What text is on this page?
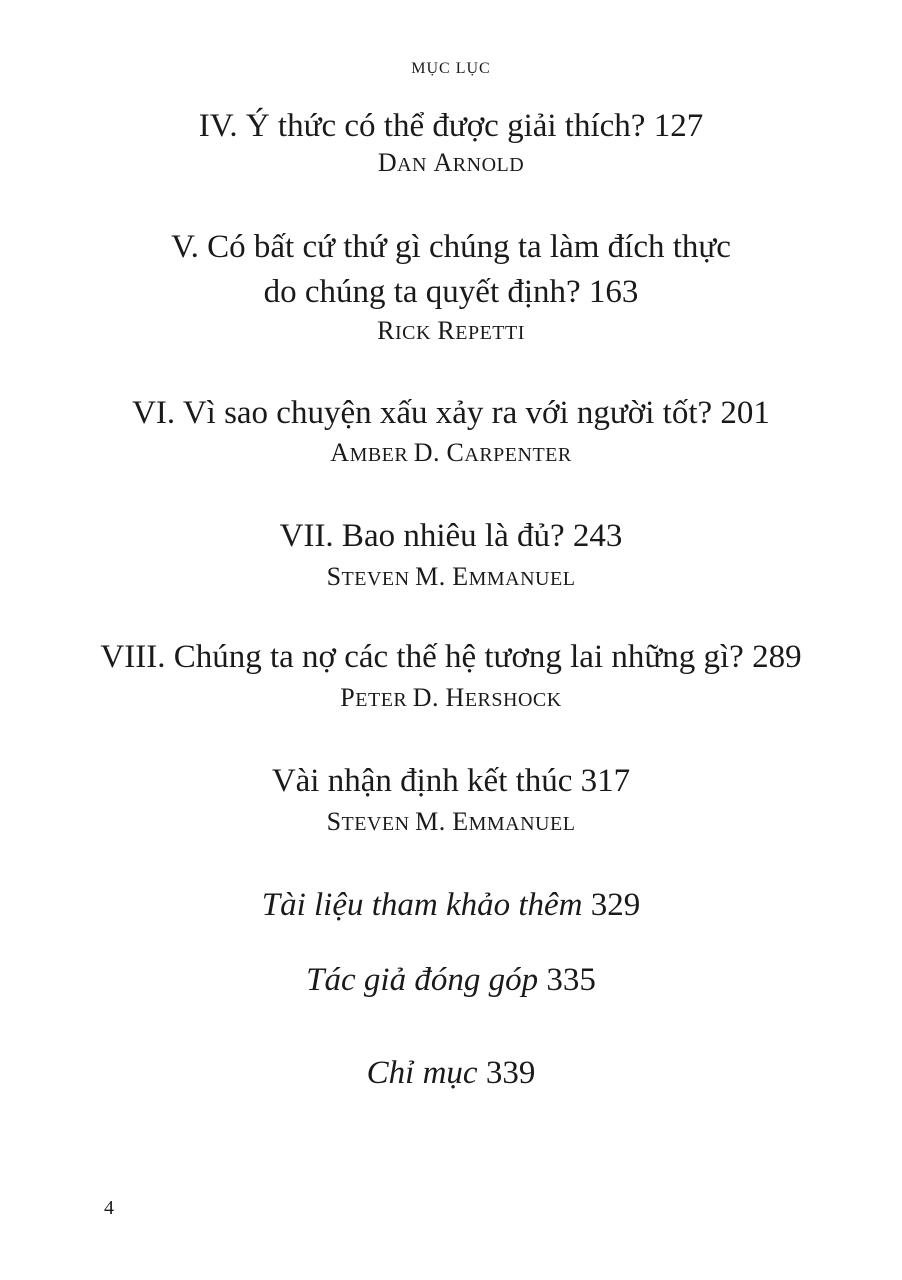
MỤC LỤC
IV. Ý thức có thể được giải thích? 127
DAN ARNOLD
V. Có bất cứ thứ gì chúng ta làm đích thực
do chúng ta quyết định? 163
RICK REPETTI
VI. Vì sao chuyện xấu xảy ra với người tốt? 201
AMBER D. CARPENTER
VII. Bao nhiêu là đủ? 243
STEVEN M. EMMANUEL
VIII. Chúng ta nợ các thế hệ tương lai những gì? 289
PETER D. HERSHOCK
Vài nhận định kết thúc 317
STEVEN M. EMMANUEL
Tài liệu tham khảo thêm 329
Tác giả đóng góp 335
Chỉ mục 339
4
